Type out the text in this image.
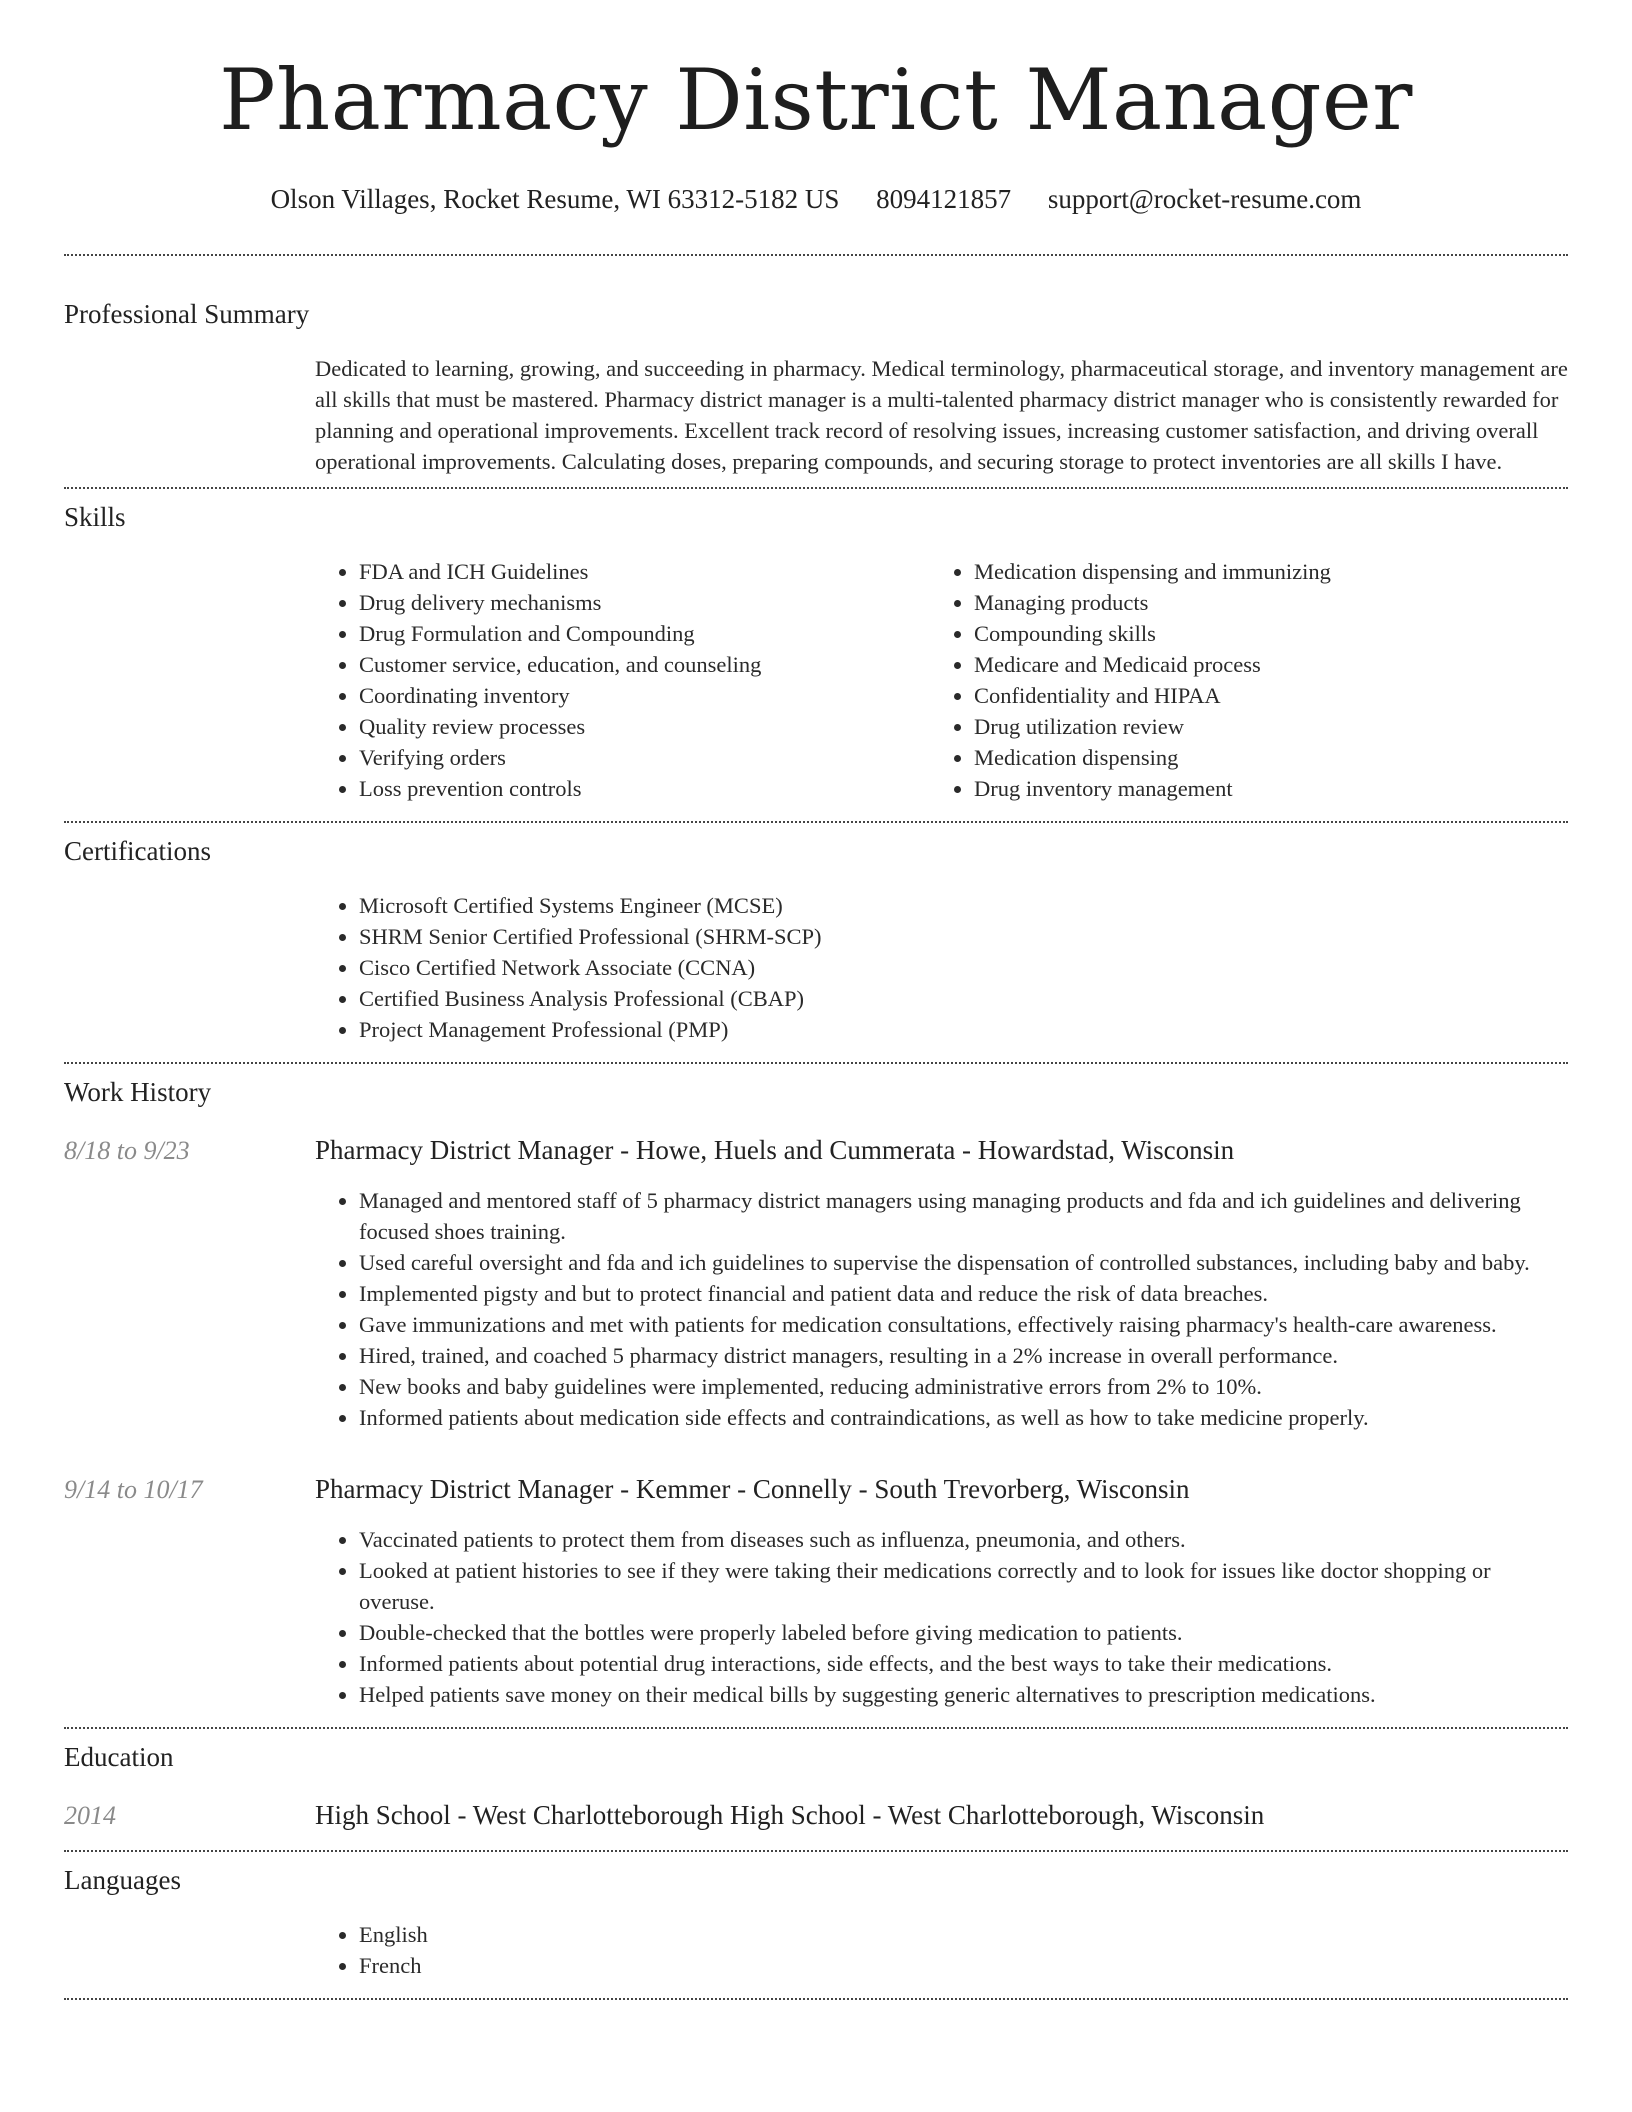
Pharmacy District Manager
Olson Villages, Rocket Resume, WI 63312-5182 US 8094121857 support@rocket-resume.com
Professional Summary

Dedicated to learning, growing, and succeeding in pharmacy. Medical terminology, pharmaceutical storage, and inventory management are all skills that must be mastered. Pharmacy district manager is a multi-talented pharmacy district manager who is consistently rewarded for planning and operational improvements. Excellent track record of resolving issues, increasing customer satisfaction, and driving overall operational improvements. Calculating doses, preparing compounds, and securing storage to protect inventories are all skills I have.

Skills
• FDA and ICH Guidelines
• Drug delivery mechanisms
• Drug Formulation and Compounding
• Customer service, education, and counseling
• Coordinating inventory
• Quality review processes
• Verifying orders
• Loss prevention controls
• Medication dispensing and immunizing
• Managing products
• Compounding skills
• Medicare and Medicaid process
• Confidentiality and HIPAA
• Drug utilization review
• Medication dispensing
• Drug inventory management
Certifications
• Microsoft Certified Systems Engineer (MCSE)
• SHRM Senior Certified Professional (SHRM-SCP)
• Cisco Certified Network Associate (CCNA)
• Certified Business Analysis Professional (CBAP)
• Project Management Professional (PMP)
Work History
8/18 to 9/23	Pharmacy District Manager - Howe, Huels and Cummerata - Howardstad, Wisconsin
• Managed and mentored staff of 5 pharmacy district managers using managing products and fda and ich guidelines and delivering focused shoes training.
• Used careful oversight and fda and ich guidelines to supervise the dispensation of controlled substances, including baby and baby.
• Implemented pigsty and but to protect financial and patient data and reduce the risk of data breaches.
• Gave immunizations and met with patients for medication consultations, effectively raising pharmacy's health-care awareness.
• Hired, trained, and coached 5 pharmacy district managers, resulting in a 2% increase in overall performance.
• New books and baby guidelines were implemented, reducing administrative errors from 2% to 10%.
• Informed patients about medication side effects and contraindications, as well as how to take medicine properly.
9/14 to 10/17	Pharmacy District Manager - Kemmer - Connelly - South Trevorberg, Wisconsin
• Vaccinated patients to protect them from diseases such as influenza, pneumonia, and others.
• Looked at patient histories to see if they were taking their medications correctly and to look for issues like doctor shopping or overuse.
• Double-checked that the bottles were properly labeled before giving medication to patients.
• Informed patients about potential drug interactions, side effects, and the best ways to take their medications.
• Helped patients save money on their medical bills by suggesting generic alternatives to prescription medications.
Education
2014	High School - West Charlotteborough High School - West Charlotteborough, Wisconsin
Languages
• English
• French
